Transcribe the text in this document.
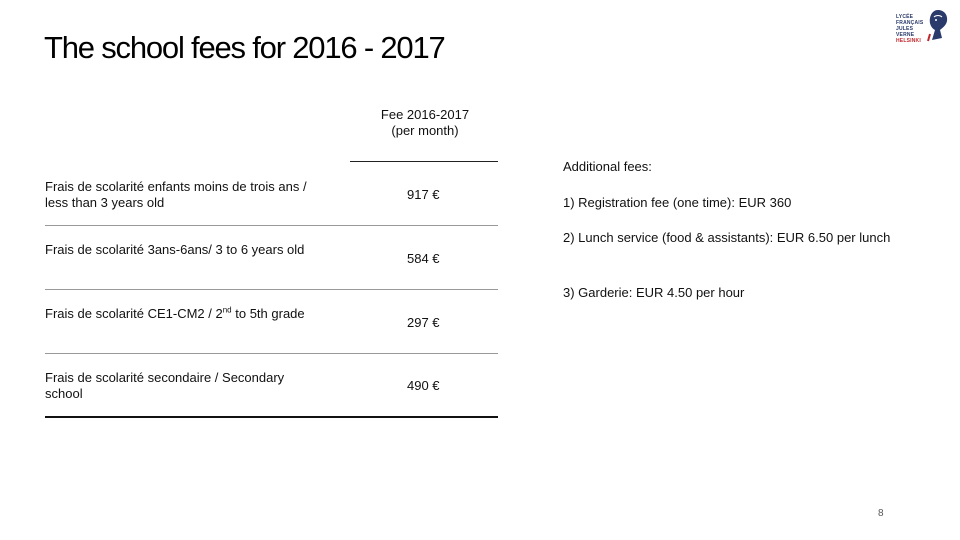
The school fees for 2016 - 2017
LYCÉE
FRANÇAIS
JULES VERNE
HELSINKI
Fee 2016-2017
(per month)
Frais de scolarité enfants moins de trois ans / less than 3 years old
917 €
Frais de scolarité 3ans-6ans/ 3 to 6 years old
584 €
Frais de scolarité CE1-CM2 / 2nd to 5th grade
297 €
Frais de scolarité secondaire / Secondary school
490 €
Additional fees:
1) Registration fee (one time): EUR 360
2) Lunch service (food & assistants): EUR 6.50 per lunch
3) Garderie: EUR 4.50 per hour
8
